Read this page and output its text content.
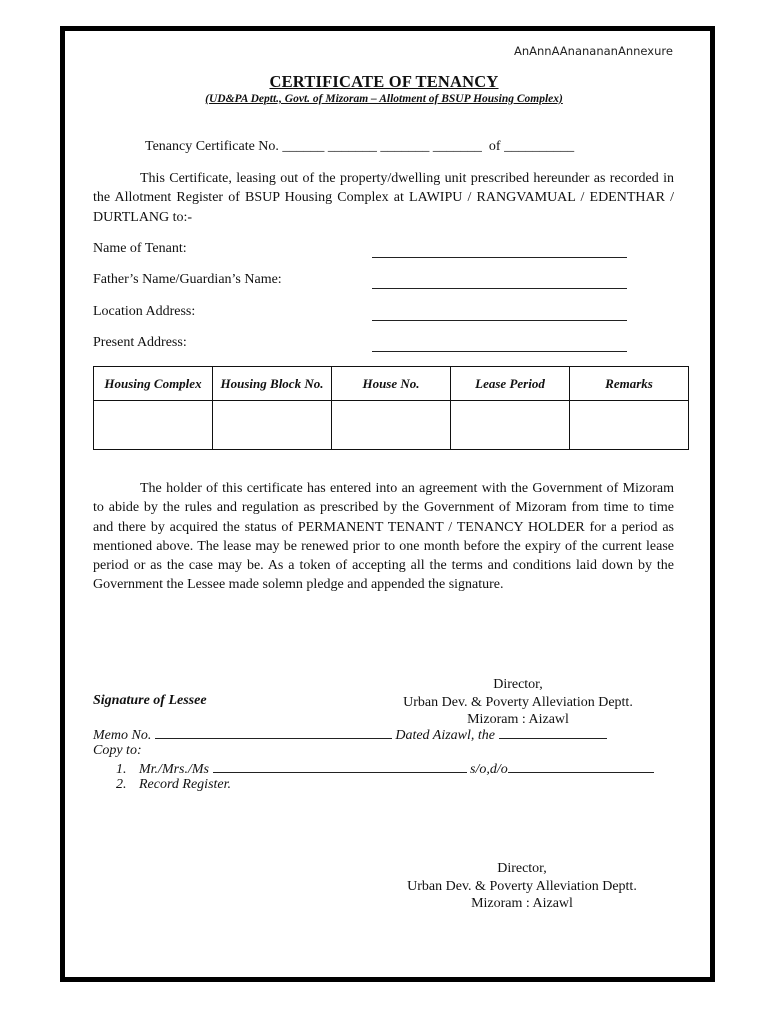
AnAnnAAnanananAnnexure
CERTIFICATE OF TENANCY
(UD&PA Deptt., Govt. of Mizoram – Allotment of BSUP Housing Complex)
Tenancy Certificate No. ______ _______ _______ _______ of __________

This Certificate, leasing out of the property/dwelling unit prescribed hereunder as recorded in the Allotment Register of BSUP Housing Complex at LAWIPU / RANGVAMUAL / EDENTHAR / DURTLANG to:-

Name of Tenant:
Father’s Name/Guardian’s Name:
Location Address:
Present Address:
Housing Complex	Housing Block No.	House No.	Lease Period	Remarks

The holder of this certificate has entered into an agreement with the Government of Mizoram to abide by the rules and regulation as prescribed by the Government of Mizoram from time to time and there by acquired the status of PERMANENT TENANT / TENANCY HOLDER for a period as mentioned above. The lease may be renewed prior to one month before the expiry of the current lease period or as the case may be. As a token of accepting all the terms and conditions laid down by the Government the Lessee made solemn pledge and appended the signature.

Director,
Urban Dev. & Poverty Alleviation Deptt.
Mizoram : Aizawl
Signature of Lessee
Memo No.	Dated Aizawl, the
Copy to:
1. Mr./Mrs./Ms	s/o,d/o
2. Record Register.
Director,
Urban Dev. & Poverty Alleviation Deptt.
Mizoram : Aizawl
